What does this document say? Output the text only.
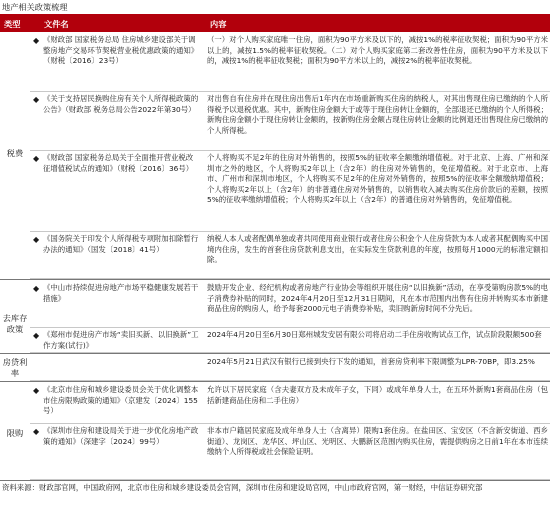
地产相关政策梳理
类型	文件名	内容
税费
◆ 《财政部 国家税务总局 住房城乡建设部关于调整房地产交易环节契税营业税优惠政策的通知》（财税〔2016〕23号）
（一）对个人购买家庭唯一住房，面积为90平方米及以下的，减按1%的税率征收契税；面积为90平方米以上的，减按1.5%的税率征收契税。（二）对个人购买家庭第二套改善性住房，面积为90平方米及以下的，减按1%的税率征收契税；面积为90平方米以上的，减按2%的税率征收契税。
◆ 《关于支持居民换购住房有关个人所得税政策的公告》（财政部 税务总局公告2022年第30号）
对出售自有住房并在现住房出售后1年内在市场重新购买住房的纳税人，对其出售现住房已缴纳的个人所得税予以退税优惠。其中，新购住房金额大于或等于现住房转让金额的，全部退还已缴纳的个人所得税；新购住房金额小于现住房转让金额的，按新购住房金额占现住房转让金额的比例退还出售现住房已缴纳的个人所得税。
◆ 《财政部 国家税务总局关于全面推开营业税改征增值税试点的通知》（财税〔2016〕36号）
个人将购买不足2年的住房对外销售的，按照5%的征收率全额缴纳增值税。对于北京、上海、广州和深圳市之外的地区，个人将购买2年以上（含2年）的住房对外销售的，免征增值税。对于北京市、上海市、广州市和深圳市地区，个人将购买不足2年的住房对外销售的，按照5%的征收率全额缴纳增值税；个人将购买2年以上（含2年）的非普通住房对外销售的，以销售收入减去购买住房价款后的差额，按照5%的征收率缴纳增值税；个人将购买2年以上（含2年）的普通住房对外销售的，免征增值税。
◆ 《国务院关于印发个人所得税专项附加扣除暂行办法的通知》（国发〔2018〕41号）
纳税人本人或者配偶单独或者共同使用商业银行或者住房公积金个人住房贷款为本人或者其配偶购买中国境内住房，发生的首套住房贷款利息支出，在实际发生贷款利息的年度，按照每月1000元的标准定额扣除。
去库存政策
◆ 《中山市持续促进房地产市场平稳健康发展若干措施》
鼓励开发企业、经纪机构或者房地产行业协会等组织开展住房“以旧换新”活动，在享受第购房款5%的电子消费券补贴的同时，2024年4月20日至12月31日期间，凡在本市范围内出售有住房并转购买本市新建商品住房的购房人，给予每套2000元电子消费券补贴，卖旧购新房时间不分先后。
◆ 《郑州市促进房产市场“卖旧买新、以旧换新”工作方案(试行)》
2024年4月20日至6月30日郑州城发安居有限公司将启动二手住房收购试点工作，试点阶段限额500套
房贷利率
2024年5月21日武汉有银行已接到央行下发的通知，首套房贷利率下限调整为LPR-70BP，即3.25%
限购
◆ 《北京市住房和城乡建设委员会关于优化调整本市住房限购政策的通知》（京建发〔2024〕155号）
允许以下居民家庭（含夫妻双方及未成年子女，下同）或成年单身人士，在五环外新购1套商品住房（包括新建商品住房和二手住房）
◆ 《深圳市住房和建设局关于进一步优化房地产政策的通知》（深建字〔2024〕99号）
非本市户籍居民家庭及成年单身人士（含离异）限购1套住房。在盐田区、宝安区（不含新安街道、西乡街道）、龙岗区、龙华区、坪山区、光明区、大鹏新区范围内购买住房，需提供购房之日前1年在本市连续缴纳个人所得税或社会保险证明。
资料来源：财政部官网，中国政府网，北京市住房和城乡建设委员会官网，深圳市住房和建设局官网，中山市政府官网，第一财经，中信证券研究部
